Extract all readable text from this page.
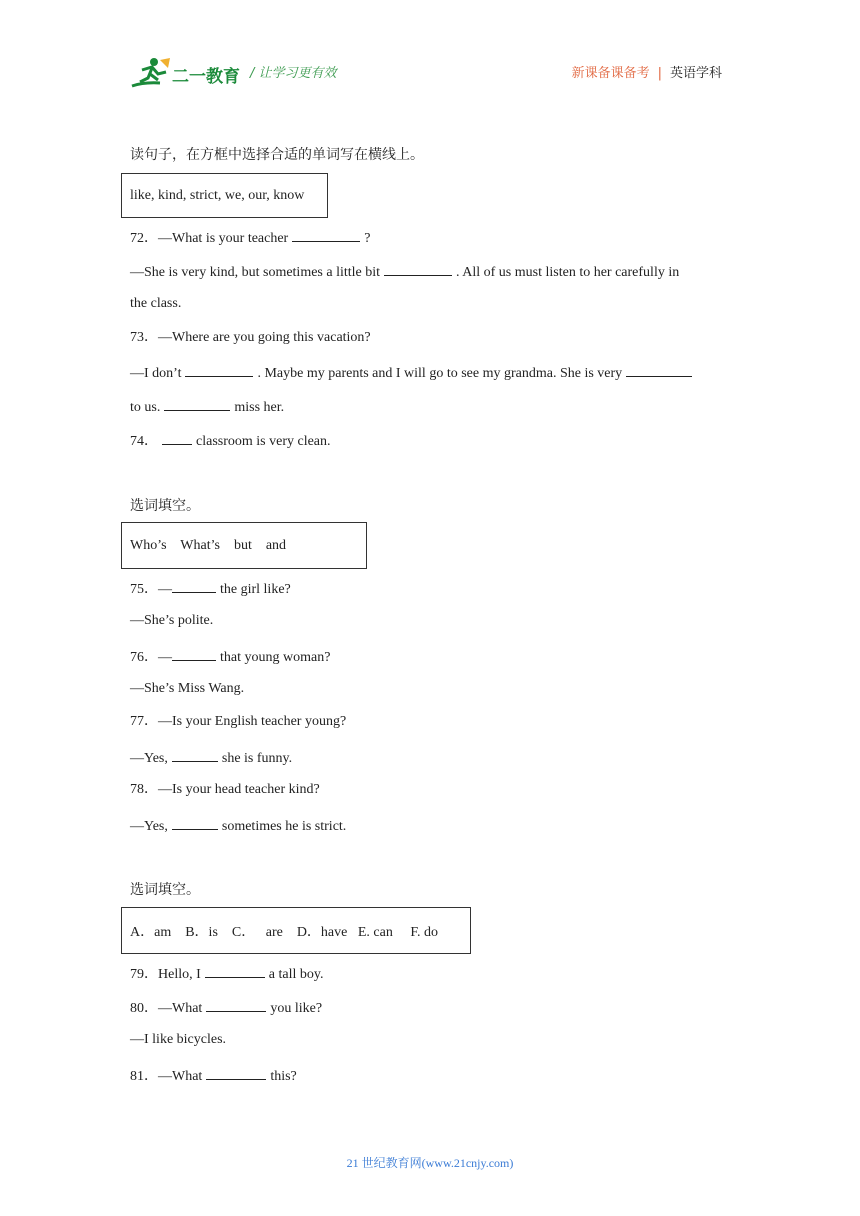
二一教育 / 让学习更有效	新课备课备考 | 英语学科
读句子，在方框中选择合适的单词写在横线上。
like, kind, strict, we, our, know
72．—What is your teacher	?
—She is very kind, but sometimes a little bit	. All of us must listen to her carefully in
the class.
73．—Where are you going this vacation?
—I don’t	. Maybe my parents and I will go to see my grandma. She is very
to us.	miss her.
74．	classroom is very clean.
选词填空。
Who’s    What’s    but    and
75．—	the girl like?
—She’s polite.
76．—	that young woman?
—She’s Miss Wang.
77．—Is your English teacher young?
—Yes,	she is funny.
78．—Is your head teacher kind?
—Yes,	sometimes he is strict.
选词填空。
A．am    B．is    C．   are    D．have   E. can     F. do
79．Hello, I	a tall boy.
80．—What	you like?
—I like bicycles.
81．—What	this?
21 世纪教育网(www.21cnjy.com)
